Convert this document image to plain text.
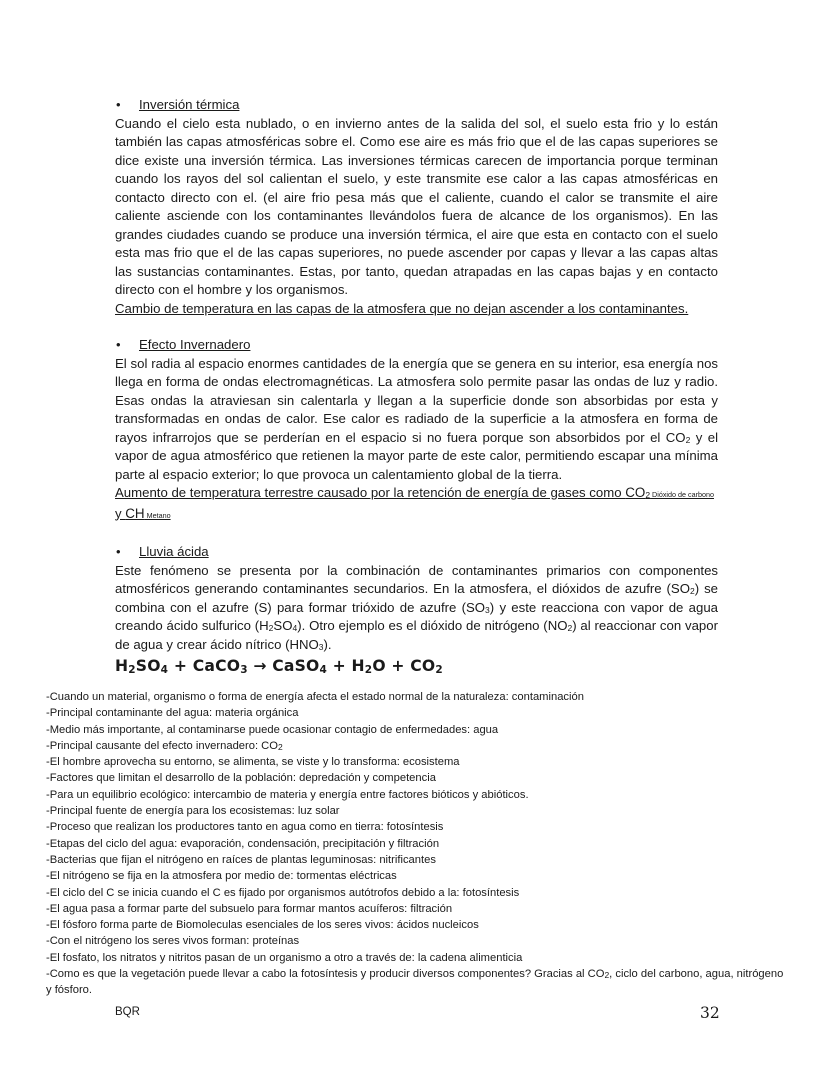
• Inversión térmica

Cuando el cielo esta nublado, o en invierno antes de la salida del sol, el suelo esta frio y lo están también las capas atmosféricas sobre el. Como ese aire es más frio que el de las capas superiores se dice existe una inversión térmica. Las inversiones térmicas carecen de importancia porque terminan cuando los rayos del sol calientan el suelo, y este transmite ese calor a las capas atmosféricas en contacto directo con el. (el aire frio pesa más que el caliente, cuando el calor se transmite el aire caliente asciende con los contaminantes llevándolos fuera de alcance de los organismos). En las grandes ciudades cuando se produce una inversión térmica, el aire que esta en contacto con el suelo esta mas frio que el de las capas superiores, no puede ascender por capas y llevar a las capas altas las sustancias contaminantes. Estas, por tanto, quedan atrapadas en las capas bajas y en contacto directo con el hombre y los organismos.

Cambio de temperatura en las capas de la atmosfera que no dejan ascender a los contaminantes.

• Efecto Invernadero

El sol radia al espacio enormes cantidades de la energía que se genera en su interior, esa energía nos llega en forma de ondas electromagnéticas. La atmosfera solo permite pasar las ondas de luz y radio. Esas ondas la atraviesan sin calentarla y llegan a la superficie donde son absorbidas por esta y transformadas en ondas de calor. Ese calor es radiado de la superficie a la atmosfera en forma de rayos infrarrojos que se perderían en el espacio si no fuera porque son absorbidos por el $CO_2$ y el vapor de agua atmosférico que retienen la mayor parte de este calor, permitiendo escapar una mínima parte al espacio exterior; lo que provoca un calentamiento global de la tierra.

Aumento de temperatura terrestre causado por la retención de energía de gases como $CO_2$ Dióxido de carbono y CH Metano

• Lluvia ácida

Este fenómeno se presenta por la combinación de contaminantes primarios con componentes atmosféricos generando contaminantes secundarios. En la atmosfera, el dióxidos de azufre $(SO_2)$ se combina con el azufre (S) para formar trióxido de azufre $(SO_3)$ y este reacciona con vapor de agua creando ácido sulfurico $(H_2SO_4)$. Otro ejemplo es el dióxido de nitrógeno $(NO_2)$ al reaccionar con vapor de agua y crear ácido nítrico $(HNO_3)$.

$H_2SO_4$ + CaCO$_3$ → CaSO$_4$ + $H_2O + CO_2$
-Cuando un material, organismo o forma de energía afecta el estado normal de la naturaleza: contaminación
-Principal contaminante del agua: materia orgánica
-Medio más importante, al contaminarse puede ocasionar contagio de enfermedades: agua
-Principal causante del efecto invernadero: $CO_2$
-El hombre aprovecha su entorno, se alimenta, se viste y lo transforma: ecosistema
-Factores que limitan el desarrollo de la población: depredación y competencia
-Para un equilibrio ecológico: intercambio de materia y energía entre factores bióticos y abióticos.
-Principal fuente de energía para los ecosistemas: luz solar
-Proceso que realizan los productores tanto en agua como en tierra: fotosíntesis
-Etapas del ciclo del agua: evaporación, condensación, precipitación y filtración
-Bacterias que fijan el nitrógeno en raíces de plantas leguminosas: nitrificantes
-El nitrógeno se fija en la atmosfera por medio de: tormentas eléctricas
-El ciclo del C se inicia cuando el C es fijado por organismos autótrofos debido a la: fotosíntesis
-El agua pasa a formar parte del subsuelo para formar mantos acuíferos: filtración
-El fósforo forma parte de Biomoleculas esenciales de los seres vivos: ácidos nucleicos
-Con el nitrógeno los seres vivos forman: proteínas
-El fosfato, los nitratos y nitritos pasan de un organismo a otro a través de: la cadena alimenticia
-Como es que la vegetación puede llevar a cabo la fotosíntesis y producir diversos componentes? Gracias al $CO_2$, ciclo del carbono, agua, nitrógeno y fósforo.
BQR	32
